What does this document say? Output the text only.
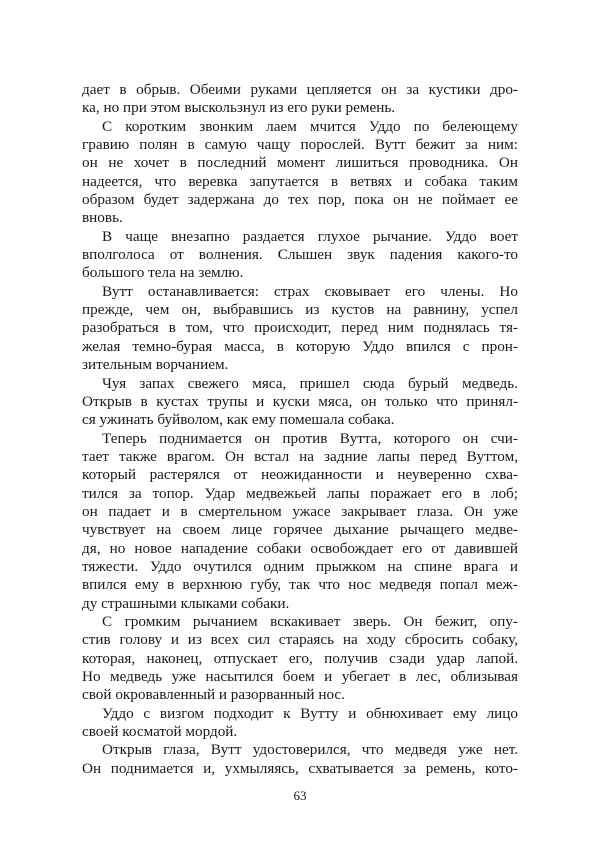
дает в обрыв. Обеими руками цепляется он за кустики дро-
ка, но при этом выскользнул из его руки ремень.
С коротким звонким лаем мчится Уддо по белеющему
гравию полян в самую чащу порослей. Вутт бежит за ним:
он не хочет в последний момент лишиться проводника. Он
надеется, что веревка запутается в ветвях и собака таким
образом будет задержана до тех пор, пока он не поймает ее
вновь.
В чаще внезапно раздается глухое рычание. Уддо воет
вполголоса от волнения. Слышен звук падения какого-то
большого тела на землю.
Вутт останавливается: страх сковывает его члены. Но
прежде, чем он, выбравшись из кустов на равнину, успел
разобраться в том, что происходит, перед ним поднялась тя-
желая темно-бурая масса, в которую Уддо впился с прон-
зительным ворчанием.
Чуя запах свежего мяса, пришел сюда бурый медведь.
Открыв в кустах трупы и куски мяса, он только что принял-
ся ужинать буйволом, как ему помешала собака.
Теперь поднимается он против Вутта, которого он счи-
тает также врагом. Он встал на задние лапы перед Вуттом,
который растерялся от неожиданности и неуверенно схва-
тился за топор. Удар медвежьей лапы поражает его в лоб;
он падает и в смертельном ужасе закрывает глаза. Он уже
чувствует на своем лице горячее дыхание рычащего медве-
дя, но новое нападение собаки освобождает его от давившей
тяжести. Уддо очутился одним прыжком на спине врага и
впился ему в верхнюю губу, так что нос медведя попал меж-
ду страшными клыками собаки.
С громким рычанием вскакивает зверь. Он бежит, опу-
стив голову и из всех сил стараясь на ходу сбросить собаку,
которая, наконец, отпускает его, получив сзади удар лапой.
Но медведь уже насытился боем и убегает в лес, облизывая
свой окровавленный и разорванный нос.
Уддо с визгом подходит к Вутту и обнюхивает ему лицо
своей косматой мордой.
Открыв глаза, Вутт удостоверился, что медведя уже нет.
Он поднимается и, ухмыляясь, схватывается за ремень, кото-
63
